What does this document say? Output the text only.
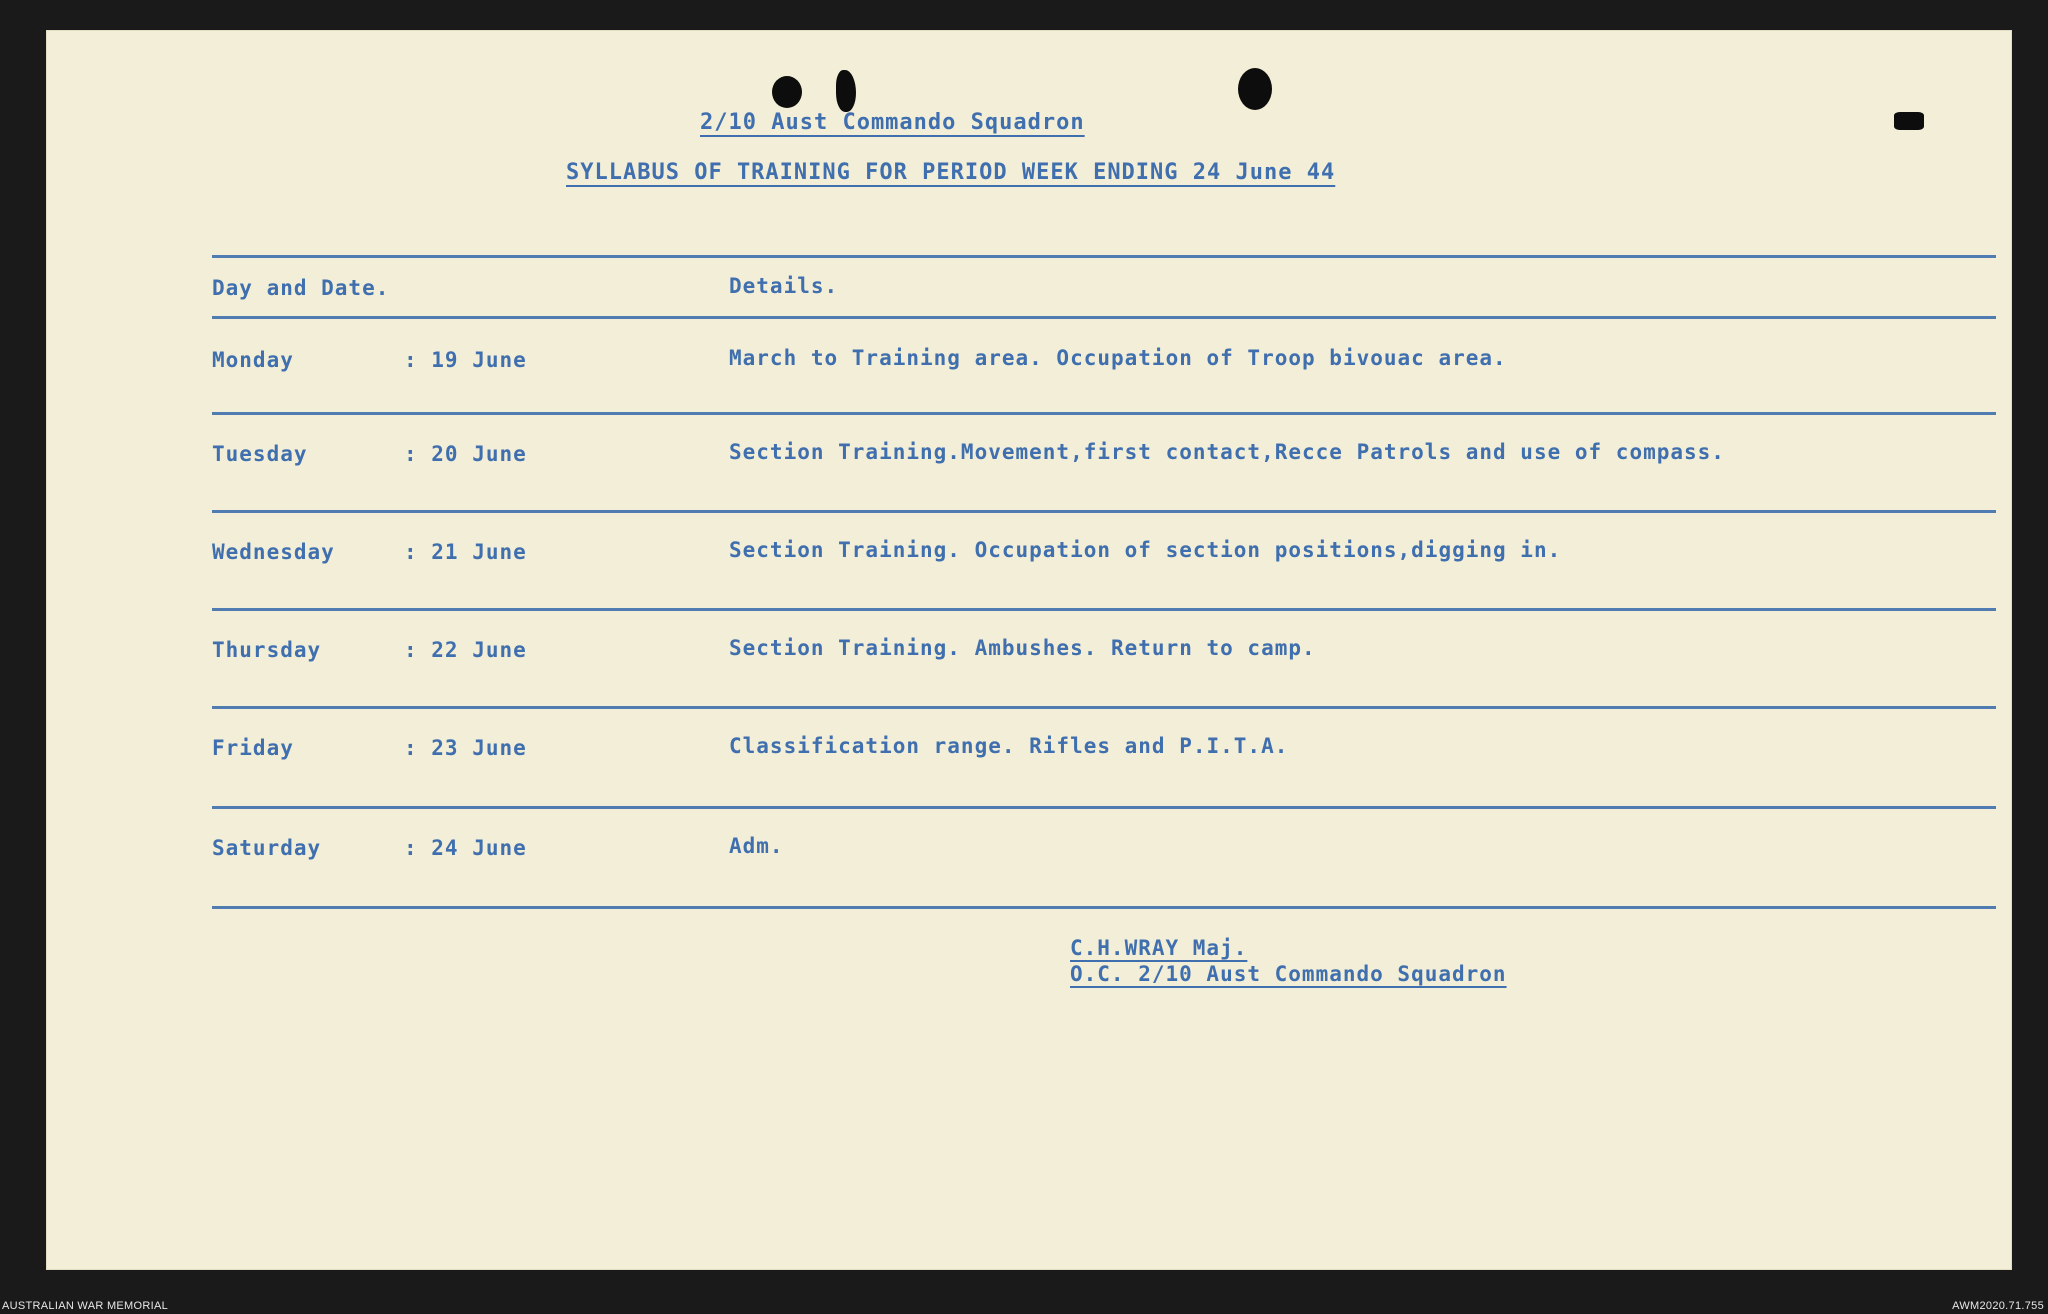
2/10 Aust Commando Squadron
SYLLABUS OF TRAINING FOR PERIOD WEEK ENDING 24 June 44
Day and Date.	Details.
Monday	: 19 June	March to Training area. Occupation of Troop bivouac area.
Tuesday	: 20 June	Section Training.Movement,first contact,Recce Patrols and use of compass.
Wednesday	: 21 June	Section Training. Occupation of section positions,digging in.
Thursday	: 22 June	Section Training. Ambushes. Return to camp.
Friday	: 23 June	Classification range. Rifles and P.I.T.A.
Saturday	: 24 June	Adm.
C.H.WRAY Maj.
O.C. 2/10 Aust Commando Squadron
AUSTRALIAN WAR MEMORIAL	AWM2020.71.755
